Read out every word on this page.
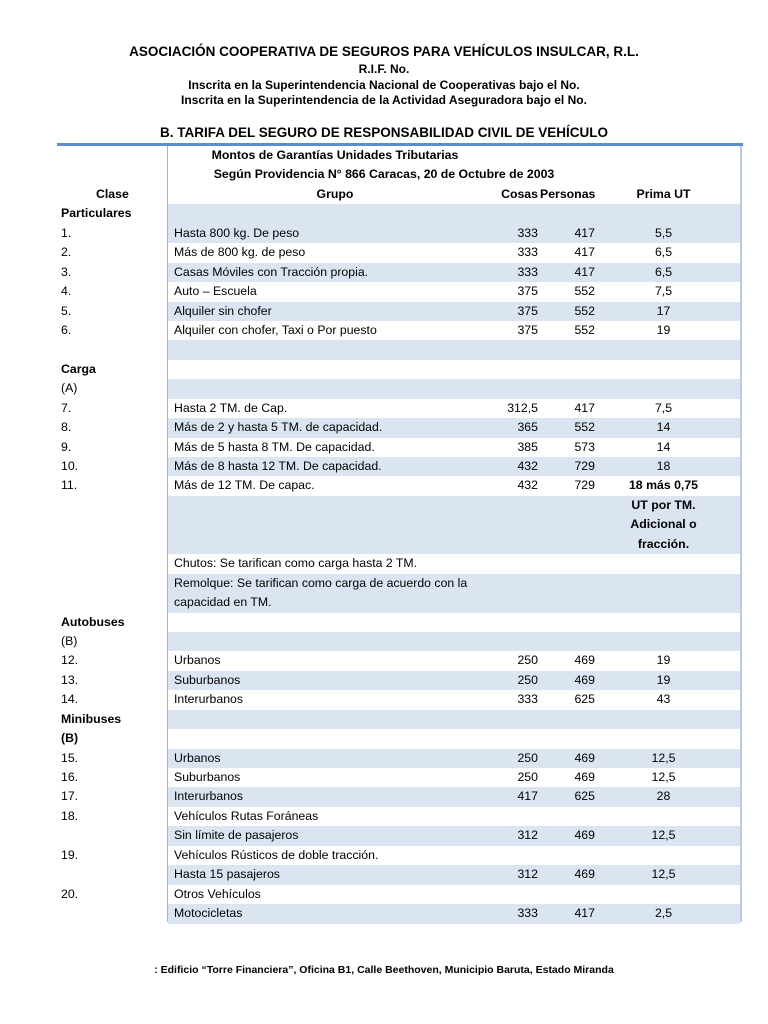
ASOCIACIÓN COOPERATIVA DE SEGUROS PARA VEHÍCULOS INSULCAR, R.L.
R.I.F. No.
Inscrita en la Superintendencia Nacional de Cooperativas bajo el No.
Inscrita en la Superintendencia de la Actividad Aseguradora bajo el No.
B. TARIFA DEL SEGURO DE RESPONSABILIDAD CIVIL DE VEHÍCULO
Montos de Garantías Unidades Tributarias
Según Providencia N° 866 Caracas, 20 de Octubre de 2003
Clase	Grupo	Cosas Personas	Prima UT
Particulares
1.	Hasta 800 kg. De peso	333	417	5,5
2.	Más de 800 kg. de peso	333	417	6,5
3.	Casas Móviles con Tracción propia.	333	417	6,5
4.	Auto – Escuela	375	552	7,5
5.	Alquiler sin chofer	375	552	17
6.	Alquiler con chofer, Taxi o Por puesto	375	552	19
Carga
(A)
7.	Hasta 2 TM. de Cap.	312,5	417	7,5
8.	Más de 2 y hasta 5 TM. de capacidad.	365	552	14
9.	Más de 5 hasta 8 TM. De capacidad.	385	573	14
10.	Más de 8 hasta 12 TM. De capacidad.	432	729	18
11.	Más de 12 TM. De capac.	432	729	18 más 0,75
UT por TM.
Adicional o
fracción.
Chutos: Se tarifican como carga hasta 2 TM.
Remolque: Se tarifican como carga de acuerdo con la
capacidad en TM.
Autobuses
(B)
12.	Urbanos	250	469	19
13.	Suburbanos	250	469	19
14.	Interurbanos	333	625	43
Minibuses
(B)
15.	Urbanos	250	469	12,5
16.	Suburbanos	250	469	12,5
17.	Interurbanos	417	625	28
18.	Vehículos Rutas Foráneas
Sin límite de pasajeros	312	469	12,5
19.	Vehículos Rústicos de doble tracción.
Hasta 15 pasajeros	312	469	12,5
20.	Otros Vehículos
Motocicletas	333	417	2,5
: Edificio “Torre Financiera”, Oficina B1, Calle Beethoven, Municipio Baruta, Estado Miranda
